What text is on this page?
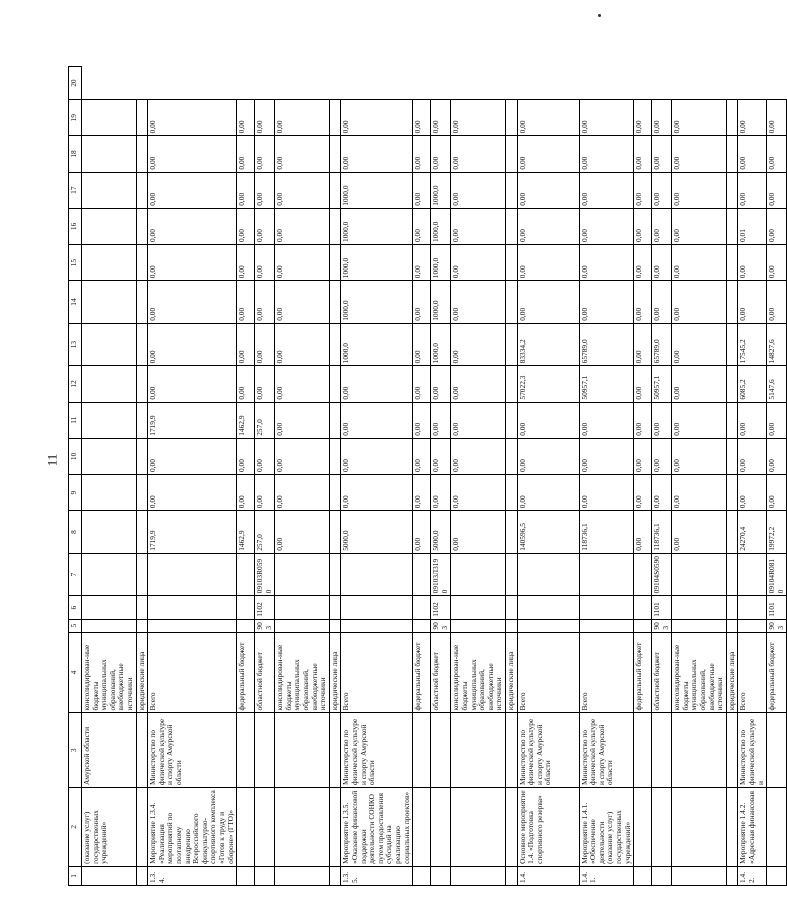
11
1	2	3	4	5	6	7	8	9	10	11	12	13	14	15	16	17	18	19	20
	(оказание услуг) государственных учреждений»	Амурской области	консолидирован-ные бюджеты муниципальных образований, внебюджетные источники																
			юридические лица																
1.3.4.	Мероприятие 1.3.4. «Реализация мероприятий по поэтапному внедрению Всероссийского физкультурно-спортивного комплекса «Готов к труду и обороне» (ГТО)»	Министерство по физической культуре и спорту Амурской области	Всего				1719,9	0,00	0,00	1719,9	0,00	0,00	0,00	0,00	0,00	0,00	0,00	0,00	
			федеральный бюджет				1462,9	0,00	0,00	1462,9	0,00	0,00	0,00	0,00	0,00	0,00	0,00	0,00	
			областной бюджет	903	1102	09103R0590	257,0	0,00	0,00	257,0	0,00	0,00	0,00	0,00	0,00	0,00	0,00	0,00	
			консолидирован-ные бюджеты муниципальных образований, внебюджетные источники				0,00	0,00	0,00	0,00	0,00	0,00	0,00	0,00	0,00	0,00	0,00	0,00	
			юридические лица																
1.3.5.	Мероприятие 1.3.5. «Оказание финансовой поддержки деятельности СОНКО путем предоставления субсидий на реализацию социальных проектов»	Министерство по физической культуре и спорту Амурской области	Всего				5000,0	0,00	0,00	0,00	0,00	1000,0	1000,0	1000,0	1000,0	1000,0	0,00	0,00	
			федеральный бюджет				0,00	0,00	0,00	0,00	0,00	0,00	0,00	0,00	0,00	0,00	0,00	0,00	
			областной бюджет	903	1102	09103Л3190	5000,0	0,00	0,00	0,00	0,00	1000,0	1000,0	1000,0	1000,0	1000,0	0,00	0,00	
			консолидирован-ные бюджеты муниципальных образований, внебюджетные источники				0,00	0,00	0,00	0,00	0,00	0,00	0,00	0,00	0,00	0,00	0,00	0,00	
			юридические лица																
1.4.	Основное мероприятие 1.4. «Подготовка спортивного резерва»	Министерство по физической культуре и спорту Амурской области	Всего				140596,5	0,00	0,00	0,00	57022,3	83334,2	0,00	0,00	0,00	0,00	0,00	0,00	
1.4.1.	Мероприятие 1.4.1. «Обеспечение деятельности (оказание услуг) государственных учреждений»	Министерство по физической культуре и спорту Амурской области	Всего				118736,1	0,00	0,00	0,00	50957,1	65789,0	0,00	0,00	0,00	0,00	0,00	0,00	
			федеральный бюджет				0,00	0,00	0,00	0,00	0,00	0,00	0,00	0,00	0,00	0,00	0,00	0,00	
			областной бюджет	903	1101	09104S0590	118736,1	0,00	0,00	0,00	50957,1	65789,0	0,00	0,00	0,00	0,00	0,00	0,00	
			консолидирован-ные бюджеты муниципальных образований, внебюджетные источники				0,00	0,00	0,00	0,00	0,00	0,00	0,00	0,00	0,00	0,00	0,00	0,00	
			юридические лица																
1.4.2.	Мероприятие 1.4.2. «Адресная финансовая	Министерство по физической культуре и	Всего				24270,4	0,00	0,00	0,00	6085,2	17545,2	0,00	0,00	0,01	0,00	0,00	0,00	
			федеральный бюджет	903	1101	09104R0810	19972,2	0,00	0,00	0,00	5147,6	14827,6	0,00	0,00	0,00	0,00	0,00	0,00	
